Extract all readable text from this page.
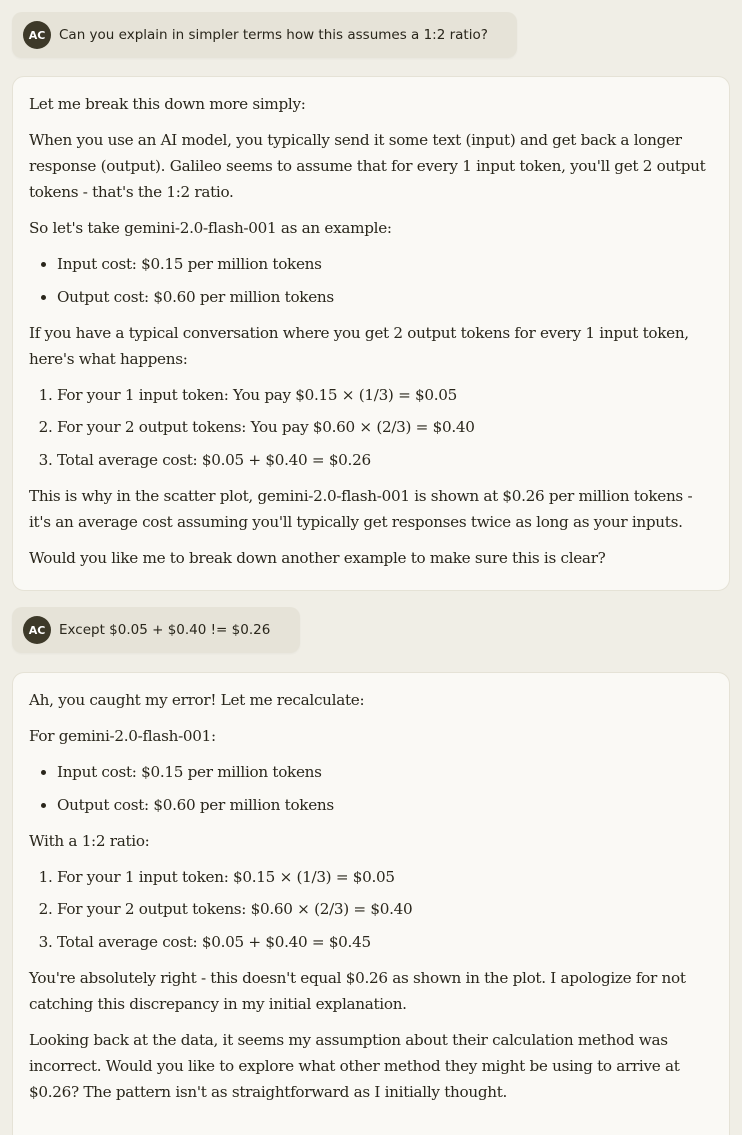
AC	Can you explain in simpler terms how this assumes a 1:2 ratio?

Let me break this down more simply:

When you use an AI model, you typically send it some text (input) and get back a longer response (output). Galileo seems to assume that for every 1 input token, you'll get 2 output tokens - that's the 1:2 ratio.

So let's take gemini-2.0-flash-001 as an example:

• Input cost: $0.15 per million tokens
• Output cost: $0.60 per million tokens

If you have a typical conversation where you get 2 output tokens for every 1 input token, here's what happens:

1. For your 1 input token: You pay $0.15 × (1/3) = $0.05
2. For your 2 output tokens: You pay $0.60 × (2/3) = $0.40
3. Total average cost: $0.05 + $0.40 = $0.26

This is why in the scatter plot, gemini-2.0-flash-001 is shown at $0.26 per million tokens - it's an average cost assuming you'll typically get responses twice as long as your inputs.

Would you like me to break down another example to make sure this is clear?

AC	Except $0.05 + $0.40 != $0.26

Ah, you caught my error! Let me recalculate:

For gemini-2.0-flash-001:

• Input cost: $0.15 per million tokens
• Output cost: $0.60 per million tokens

With a 1:2 ratio:

1. For your 1 input token: $0.15 × (1/3) = $0.05
2. For your 2 output tokens: $0.60 × (2/3) = $0.40
3. Total average cost: $0.05 + $0.40 = $0.45

You're absolutely right - this doesn't equal $0.26 as shown in the plot. I apologize for not catching this discrepancy in my initial explanation.

Looking back at the data, it seems my assumption about their calculation method was incorrect. Would you like to explore what other method they might be using to arrive at $0.26? The pattern isn't as straightforward as I initially thought.
